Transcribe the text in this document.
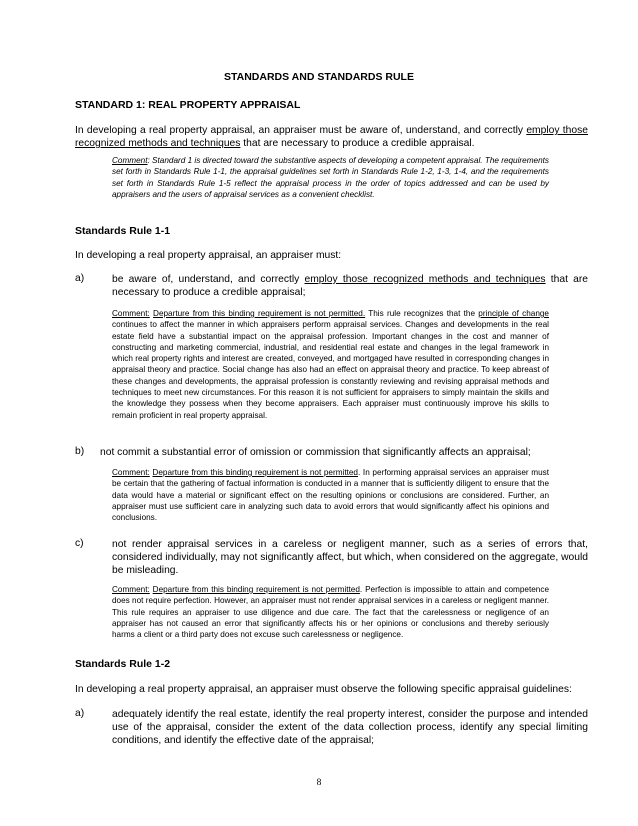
STANDARDS AND STANDARDS RULE
STANDARD 1: REAL PROPERTY APPRAISAL
In developing a real property appraisal, an appraiser must be aware of, understand, and correctly employ those recognized methods and techniques that are necessary to produce a credible appraisal.
Comment: Standard 1 is directed toward the substantive aspects of developing a competent appraisal. The requirements set forth in Standards Rule 1-1, the appraisal guidelines set forth in Standards Rule 1-2, 1-3, 1-4, and the requirements set forth in Standards Rule 1-5 reflect the appraisal process in the order of topics addressed and can be used by appraisers and the users of appraisal services as a convenient checklist.
Standards Rule 1-1
In developing a real property appraisal, an appraiser must:
a)	be aware of, understand, and correctly employ those recognized methods and techniques that are necessary to produce a credible appraisal;
Comment: Departure from this binding requirement is not permitted. This rule recognizes that the principle of change continues to affect the manner in which appraisers perform appraisal services. Changes and developments in the real estate field have a substantial impact on the appraisal profession. Important changes in the cost and manner of constructing and marketing commercial, industrial, and residential real estate and changes in the legal framework in which real property rights and interest are created, conveyed, and mortgaged have resulted in corresponding changes in appraisal theory and practice. Social change has also had an effect on appraisal theory and practice. To keep abreast of these changes and developments, the appraisal profession is constantly reviewing and revising appraisal methods and techniques to meet new circumstances. For this reason it is not sufficient for appraisers to simply maintain the skills and the knowledge they possess when they become appraisers. Each appraiser must continuously improve his skills to remain proficient in real property appraisal.
b) not commit a substantial error of omission or commission that significantly affects an appraisal;
Comment: Departure from this binding requirement is not permitted. In performing appraisal services an appraiser must be certain that the gathering of factual information is conducted in a manner that is sufficiently diligent to ensure that the data would have a material or significant effect on the resulting opinions or conclusions are considered. Further, an appraiser must use sufficient care in analyzing such data to avoid errors that would significantly affect his opinions and conclusions.
c)	not render appraisal services in a careless or negligent manner, such as a series of errors that, considered individually, may not significantly affect, but which, when considered on the aggregate, would be misleading.
Comment: Departure from this binding requirement is not permitted. Perfection is impossible to attain and competence does not require perfection. However, an appraiser must not render appraisal services in a careless or negligent manner. This rule requires an appraiser to use diligence and due care. The fact that the carelessness or negligence of an appraiser has not caused an error that significantly affects his or her opinions or conclusions and thereby seriously harms a client or a third party does not excuse such carelessness or negligence.
Standards Rule 1-2
In developing a real property appraisal, an appraiser must observe the following specific appraisal guidelines:
a)	adequately identify the real estate, identify the real property interest, consider the purpose and intended use of the appraisal, consider the extent of the data collection process, identify any special limiting conditions, and identify the effective date of the appraisal;
8
